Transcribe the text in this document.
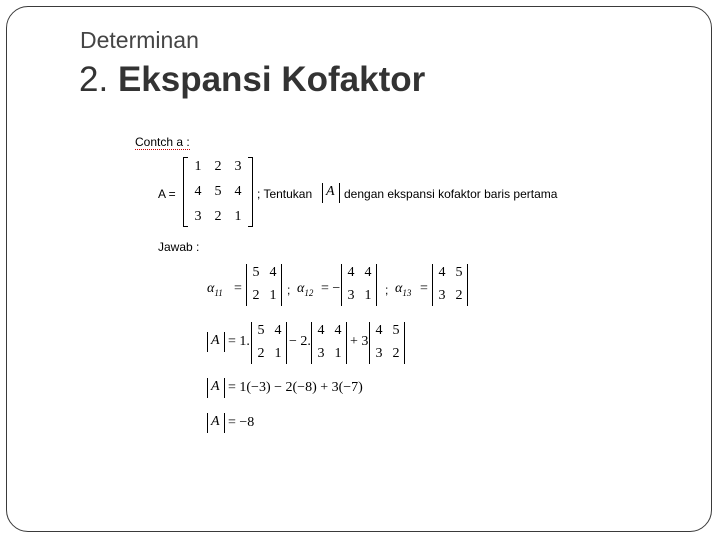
Determinan
2. Ekspansi Kofaktor
Contch a :
A =
1 2 3
4 5 4
3 2 1
; Tentukan A dengan ekspansi kofaktor baris pertama
Jawab :
$\alpha_{11}$ =
5 4
2 1 ; $\alpha_{12}$ = −
4 4
3 1	; $\alpha_{13}$ =
4 5
3 2
A = 1.
5 4
2 1
− 2.
4 4
3 1
+ 3
4 5
3 2
A = 1(−3) − 2(−8) + 3(−7)
A = −8
